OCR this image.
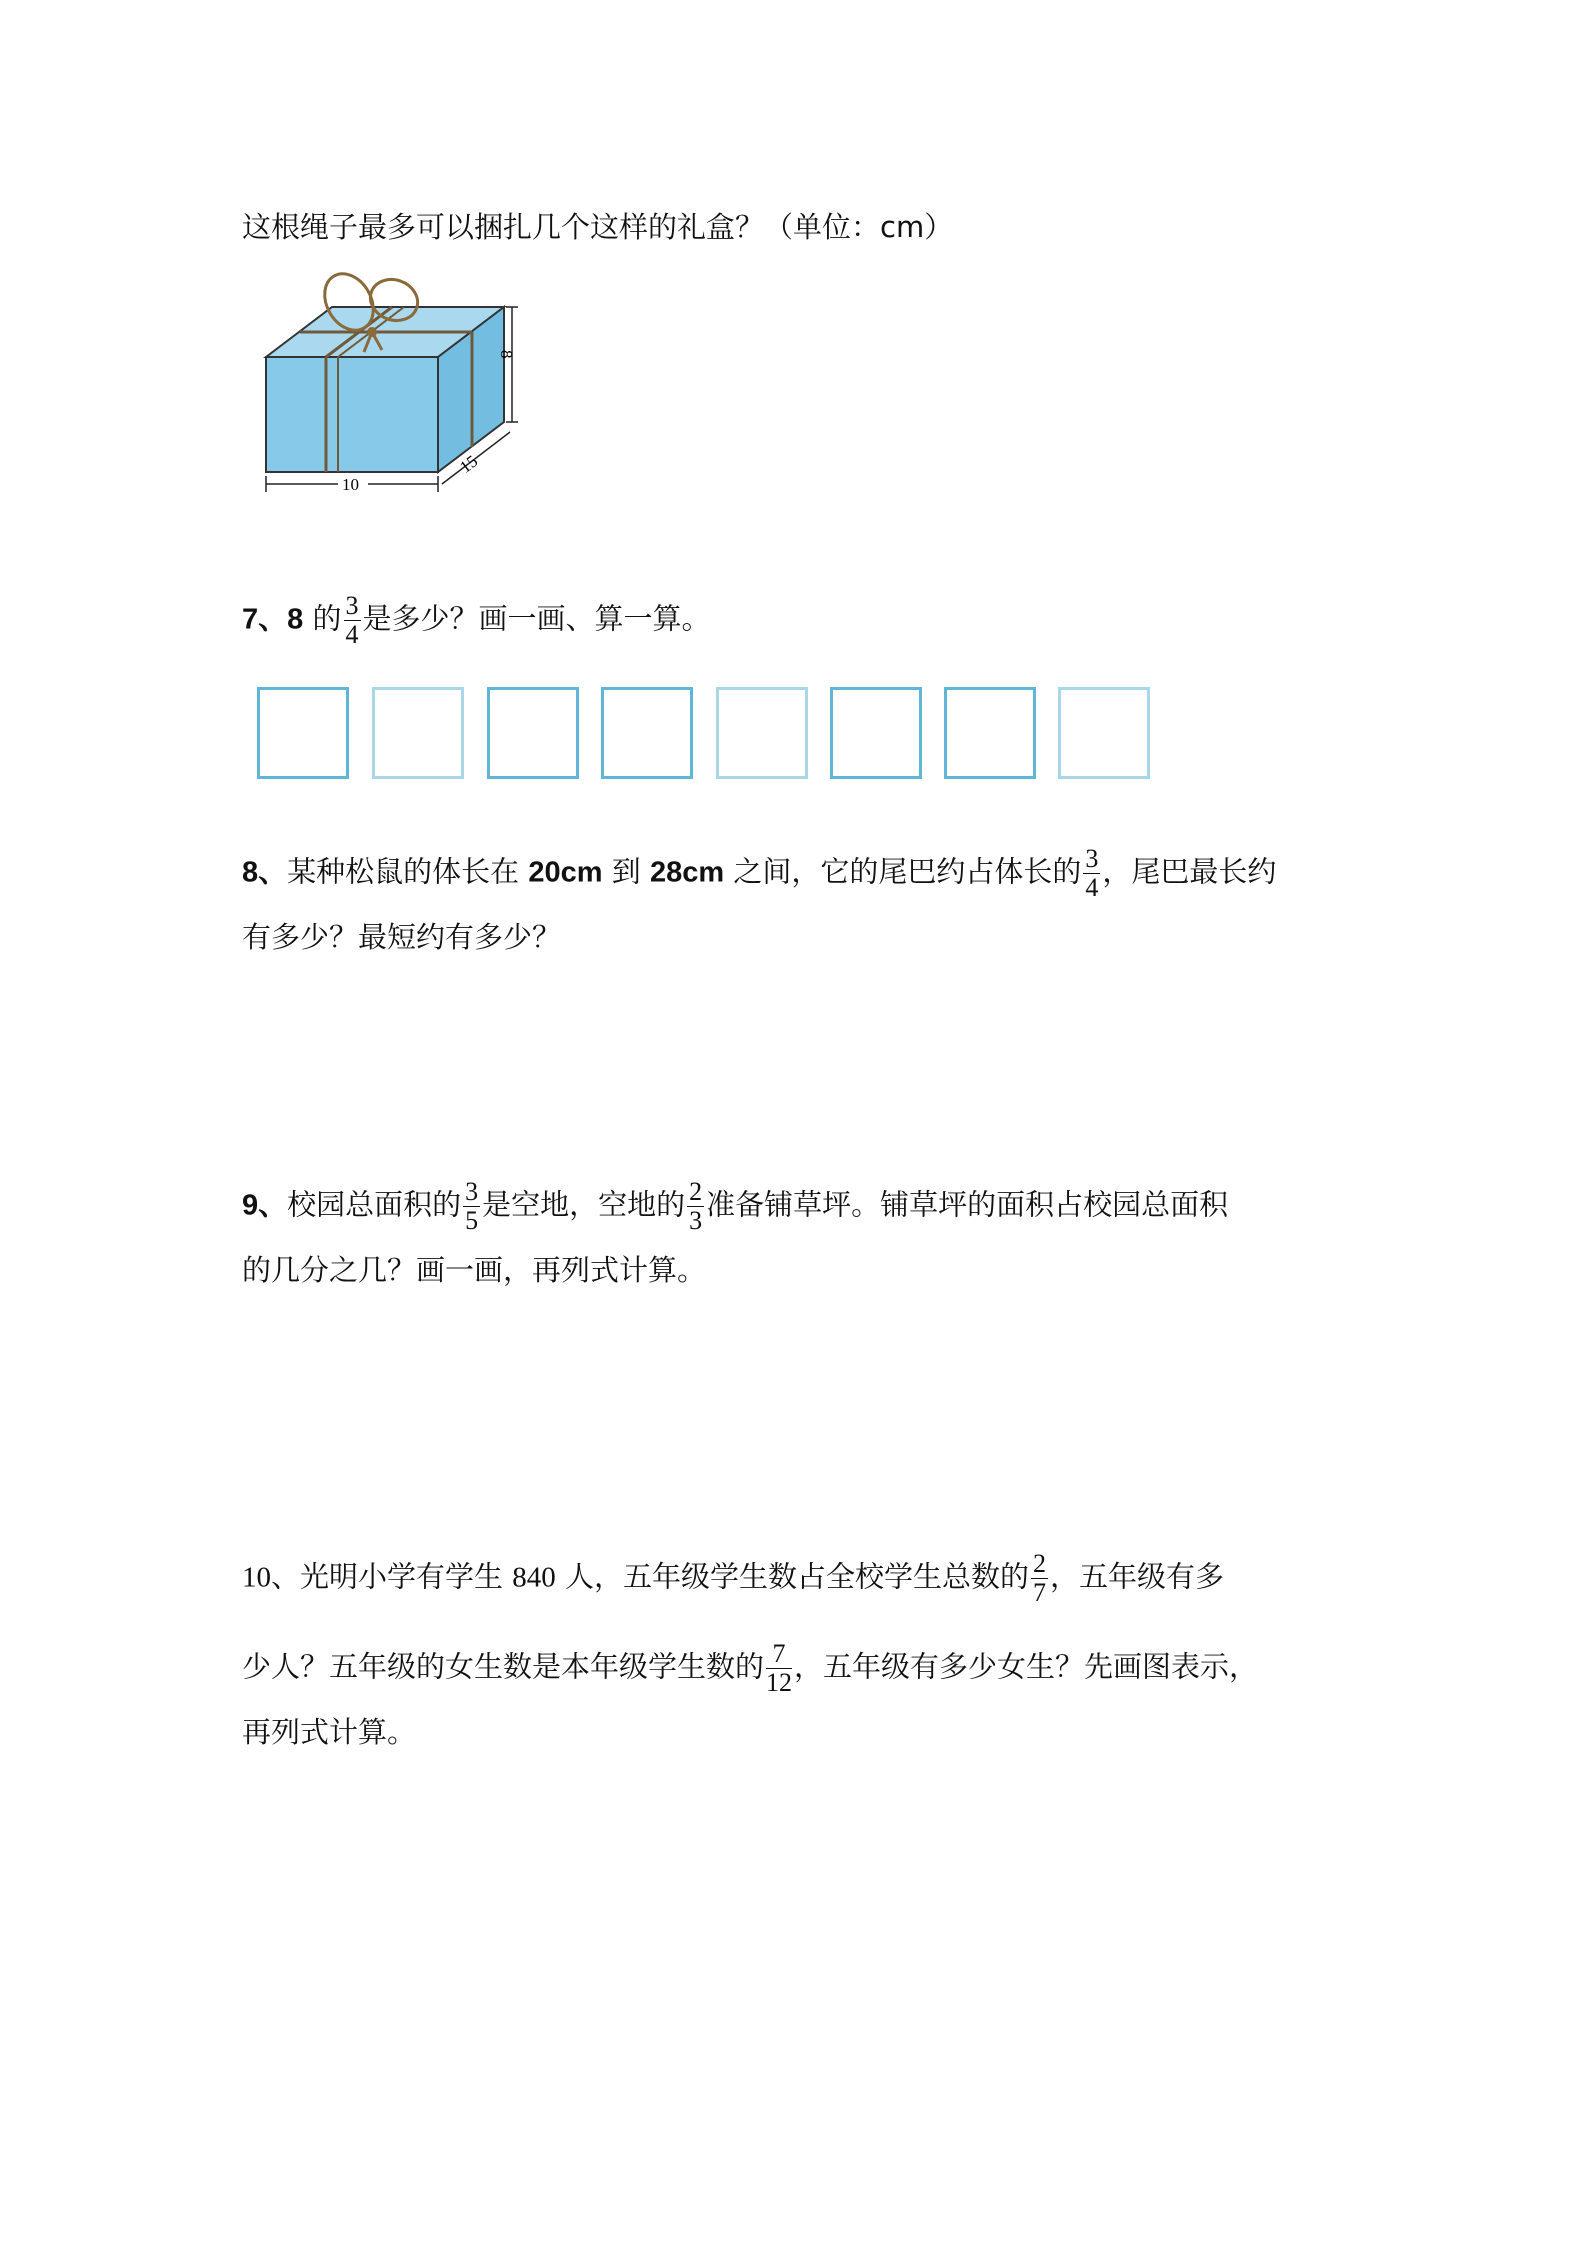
这根绳子最多可以捆扎几个这样的礼盒？（单位：cm）
8
15
10
7、8 的 $\frac{3}{4}$ 是多少？画一画、算一算。
8、某种松鼠的体长在 20cm 到 28cm 之间，它的尾巴约占体长的 $\frac{3}{4}$ ，尾巴最长约
有多少？最短约有多少？
9、校园总面积的 $\frac{3}{5}$ 是空地，空地的 $\frac{2}{3}$ 准备铺草坪。铺草坪的面积占校园总面积
的几分之几？画一画，再列式计算。
10、光明小学有学生 840 人，五年级学生数占全校学生总数的 $\frac{2}{7}$ ，五年级有多
少人？五年级的女生数是本年级学生数的 $\frac{7}{12}$ ，五年级有多少女生？先画图表示，
再列式计算。
